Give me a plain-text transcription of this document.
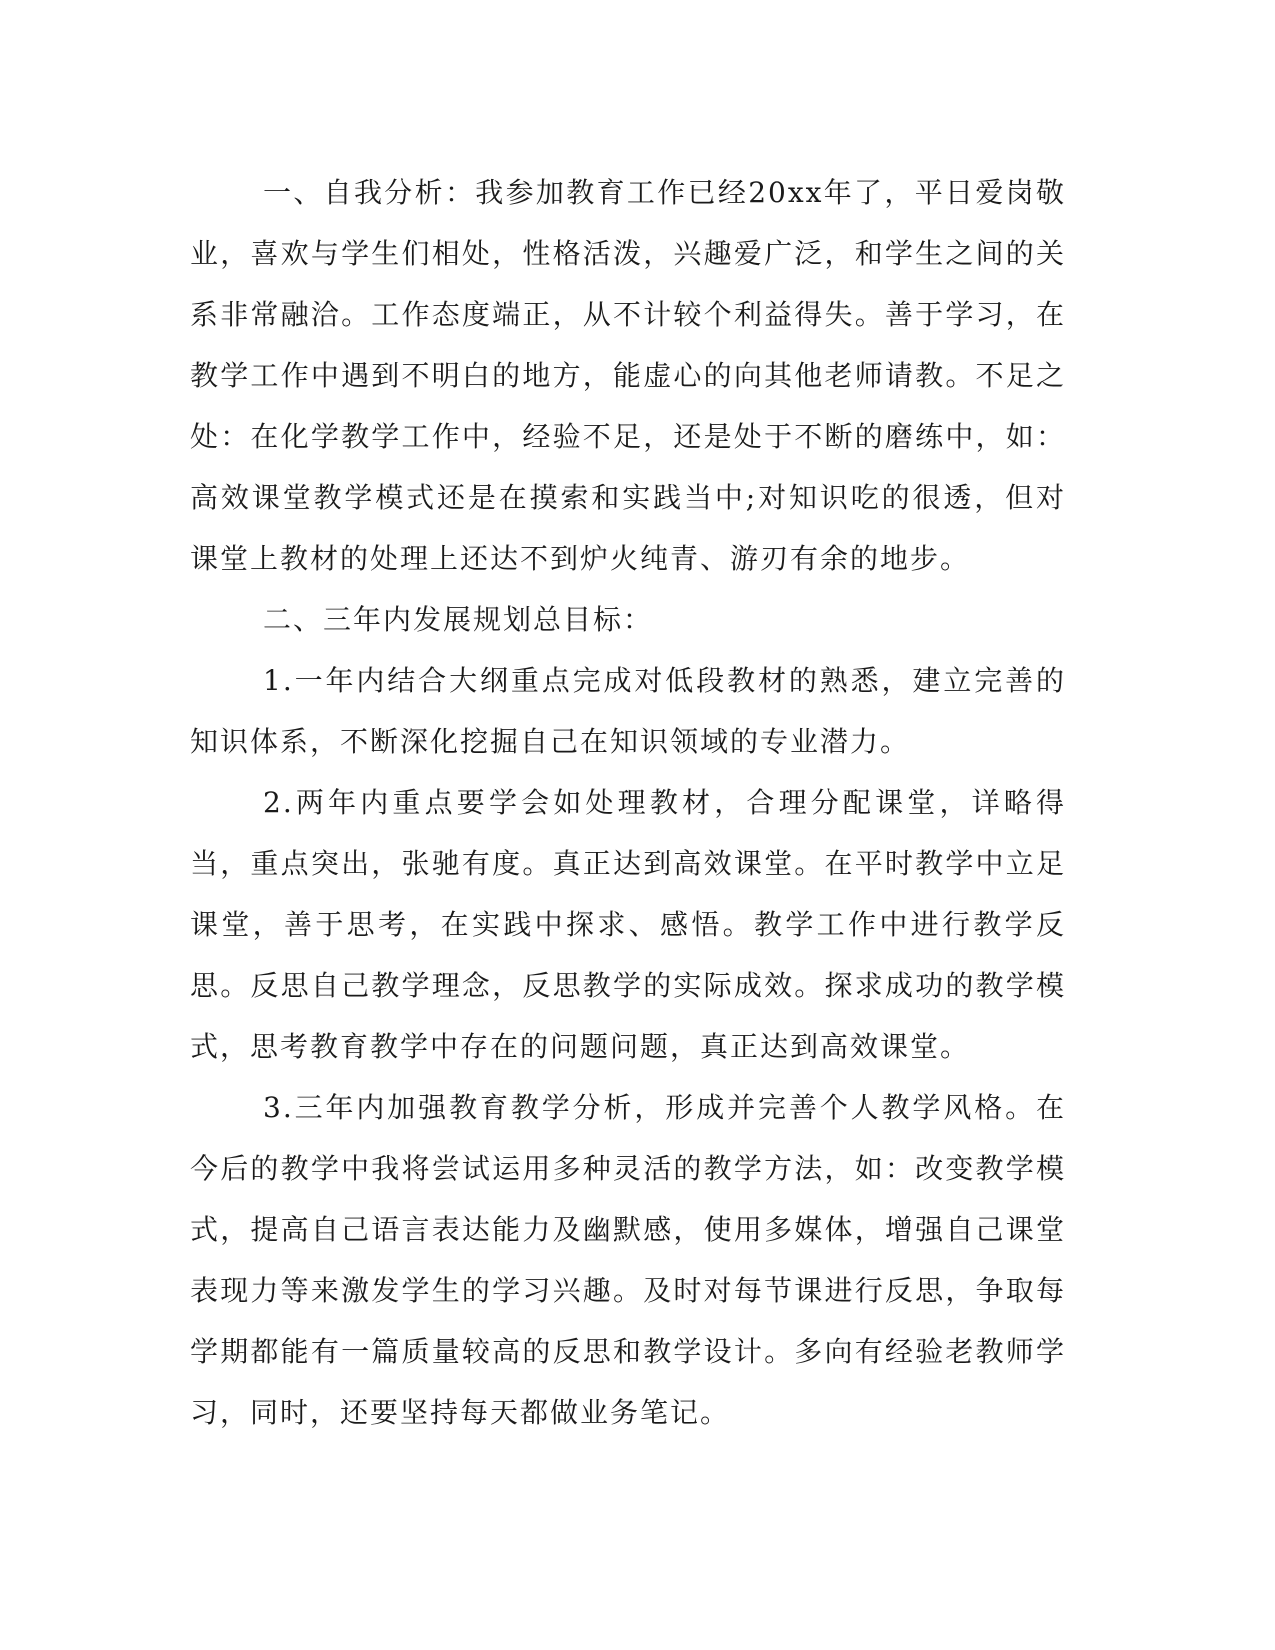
一、自我分析：我参加教育工作已经20xx年了，平日爱岗敬业，喜欢与学生们相处，性格活泼，兴趣爱广泛，和学生之间的关系非常融洽。工作态度端正，从不计较个利益得失。善于学习，在教学工作中遇到不明白的地方，能虚心的向其他老师请教。不足之处：在化学教学工作中，经验不足，还是处于不断的磨练中，如：高效课堂教学模式还是在摸索和实践当中;对知识吃的很透，但对课堂上教材的处理上还达不到炉火纯青、游刃有余的地步。

二、三年内发展规划总目标：

1.一年内结合大纲重点完成对低段教材的熟悉，建立完善的知识体系，不断深化挖掘自己在知识领域的专业潜力。

2.两年内重点要学会如处理教材，合理分配课堂，详略得当，重点突出，张驰有度。真正达到高效课堂。在平时教学中立足课堂，善于思考，在实践中探求、感悟。教学工作中进行教学反思。反思自己教学理念，反思教学的实际成效。探求成功的教学模式，思考教育教学中存在的问题问题，真正达到高效课堂。

3.三年内加强教育教学分析，形成并完善个人教学风格。在今后的教学中我将尝试运用多种灵活的教学方法，如：改变教学模式，提高自己语言表达能力及幽默感，使用多媒体，增强自己课堂表现力等来激发学生的学习兴趣。及时对每节课进行反思，争取每学期都能有一篇质量较高的反思和教学设计。多向有经验老教师学习，同时，还要坚持每天都做业务笔记。
